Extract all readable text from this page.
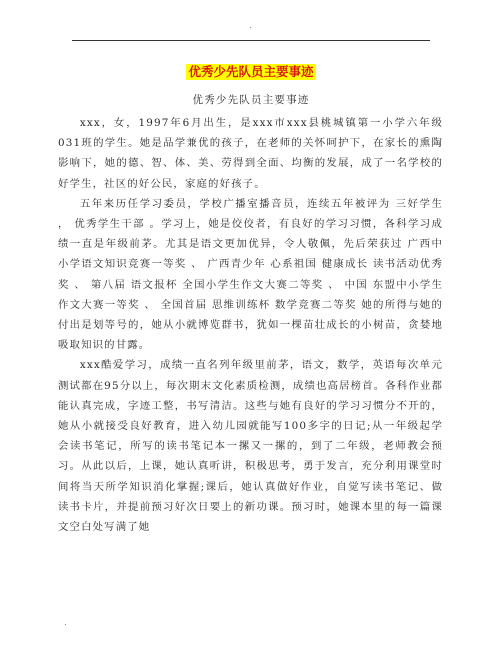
.
优秀少先队员主要事迹
优秀少先队员主要事迹

xxx，女，1997年6月出生，是xxx市xxx县桃城镇第一小学六年级031班的学生。她是品学兼优的孩子，在老师的关怀呵护下，在家长的熏陶影响下，她的德、智、体、美、劳得到全面、均衡的发展，成了一名学校的好学生，社区的好公民，家庭的好孩子。

五年来历任学习委员，学校广播室播音员，连续五年被评为 三好学生 ， 优秀学生干部 。学习上，她是佼佼者，有良好的学习习惯，各科学习成绩一直是年级前茅。尤其是语文更加优异，令人敬佩，先后荣获过 广西中小学语文知识竞赛一等奖 、 广西青少年 心系祖国 健康成长 读书活动优秀奖 、 第八届 语文报杯 全国小学生作文大赛二等奖 、 中国 东盟中小学生作文大赛一等奖 、 全国首届 思维训练杯 数学竞赛二等奖 她的所得与她的付出是划等号的，她从小就博览群书，犹如一棵苗壮成长的小树苗，贪婪地吸取知识的甘露。

xxx酷爱学习，成绩一直名列年级里前茅，语文，数学，英语每次单元测试都在95分以上，每次期末文化素质检测，成绩也高居榜首。各科作业都能认真完成，字迹工整，书写清洁。这些与她有良好的学习习惯分不开的，她从小就接受良好教育，进入幼儿园就能写100多字的日记;从一年级起学会读书笔记，所写的读书笔记本一摞又一摞的，到了二年级，老师教会预习。从此以后，上课，她认真听讲，积极思考，勇于发言，充分利用课堂时间将当天所学知识消化掌握;课后，她认真做好作业，自觉写读书笔记、做读书卡片，并提前预习好次日要上的新功课。预习时，她课本里的每一篇课文空白处写满了她

.
